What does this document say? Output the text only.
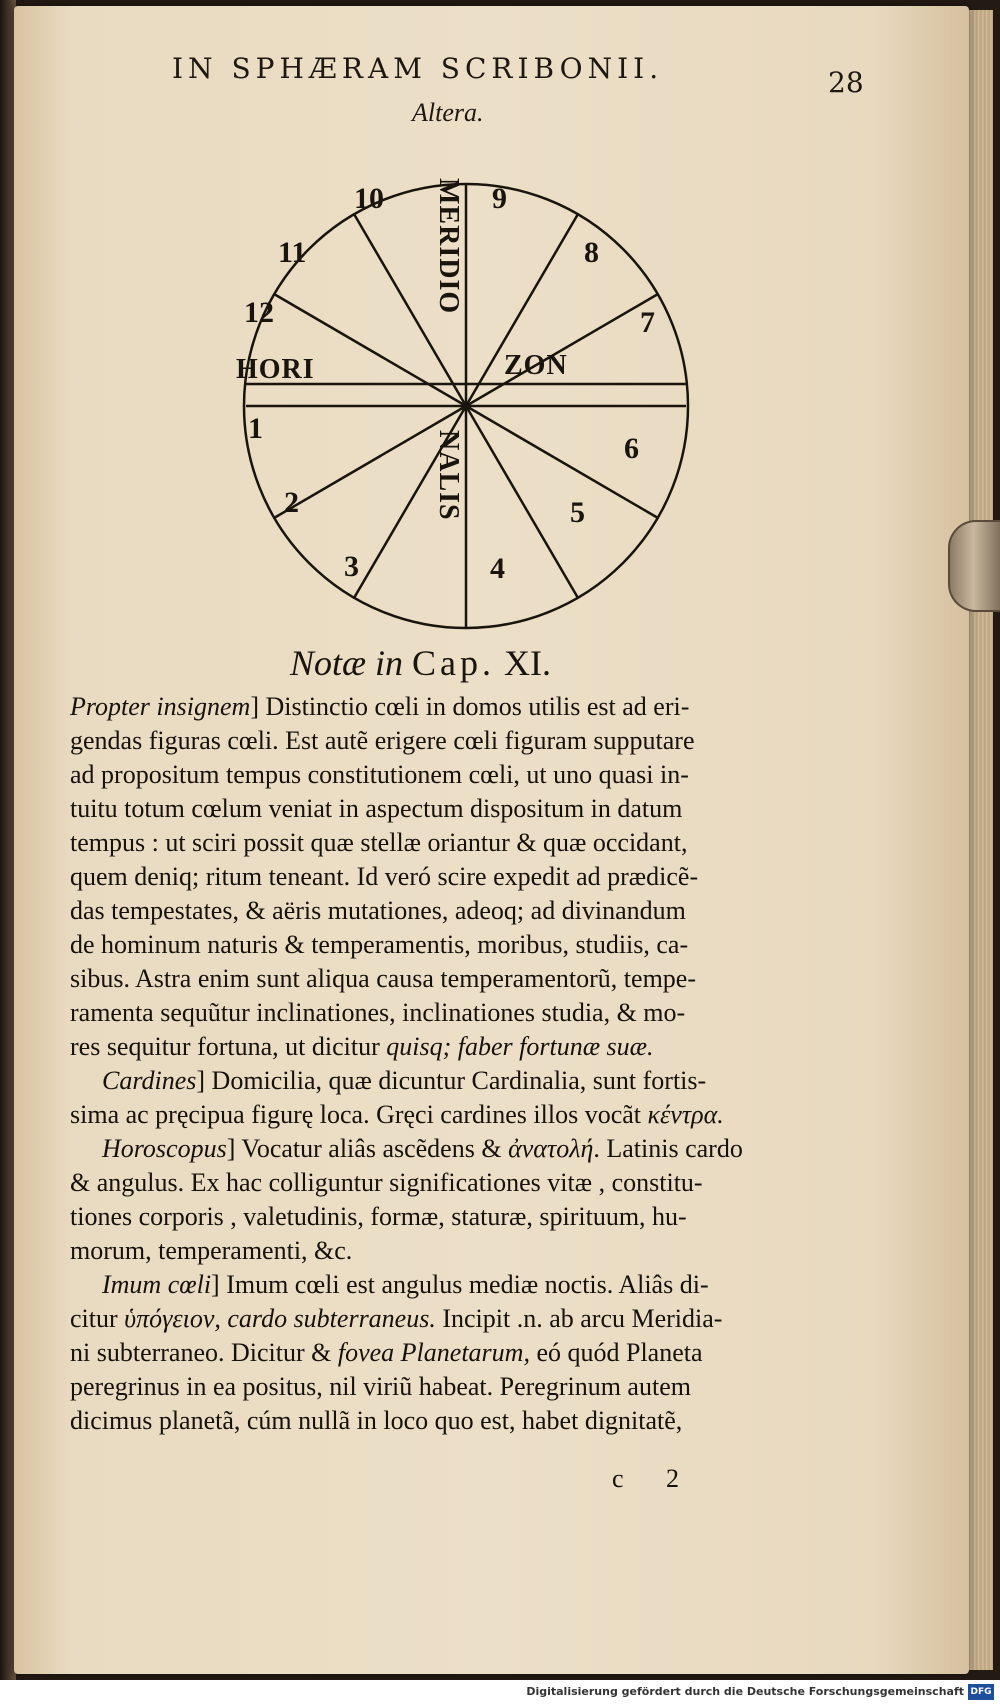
IN SPHÆRAM SCRIBONII.	28
Altera.
10	9
11	8
12	7
1
6
2	5
3	4
MERIDIO
NALIS
HORI	ZON
Notæ in Cap. XI.
Propter insignem] Distinctio cœli in domos utilis est ad eri-
gendas figuras cœli. Est autẽ erigere cœli figuram supputare
ad propositum tempus constitutionem cœli, ut uno quasi in-
tuitu totum cœlum veniat in aspectum dispositum in datum
tempus : ut sciri possit quæ stellæ oriantur & quæ occidant,
quem deniq; ritum teneant. Id veró scire expedit ad prædicẽ-
das tempestates, & aëris mutationes, adeoq; ad divinandum
de hominum naturis & temperamentis, moribus, studiis, ca-
sibus. Astra enim sunt aliqua causa temperamentorũ, tempe-
ramenta sequũtur inclinationes, inclinationes studia, & mo-
res sequitur fortuna, ut dicitur quisq; faber fortunæ suæ.
Cardines] Domicilia, quæ dicuntur Cardinalia, sunt fortis-
sima ac pręcipua figurę loca. Gręci cardines illos vocãt κέντρα.
Horoscopus] Vocatur aliâs ascẽdens & ἀνατολή. Latinis cardo
& angulus. Ex hac colliguntur significationes vitæ , constitu-
tiones corporis , valetudinis, formæ, staturæ, spirituum, hu-
morum, temperamenti, &c.
Imum cœli] Imum cœli est angulus mediæ noctis. Aliâs di-
citur ὑπόγειον, cardo subterraneus. Incipit .n. ab arcu Meridia-
ni subterraneo. Dicitur & fovea Planetarum, eó quód Planeta
peregrinus in ea positus, nil viriũ habeat. Peregrinum autem
dicimus planetã, cúm nullã in loco quo est, habet dignitatẽ,
c 2
Digitalisierung gefördert durch die Deutsche Forschungsgemeinschaft DFG
